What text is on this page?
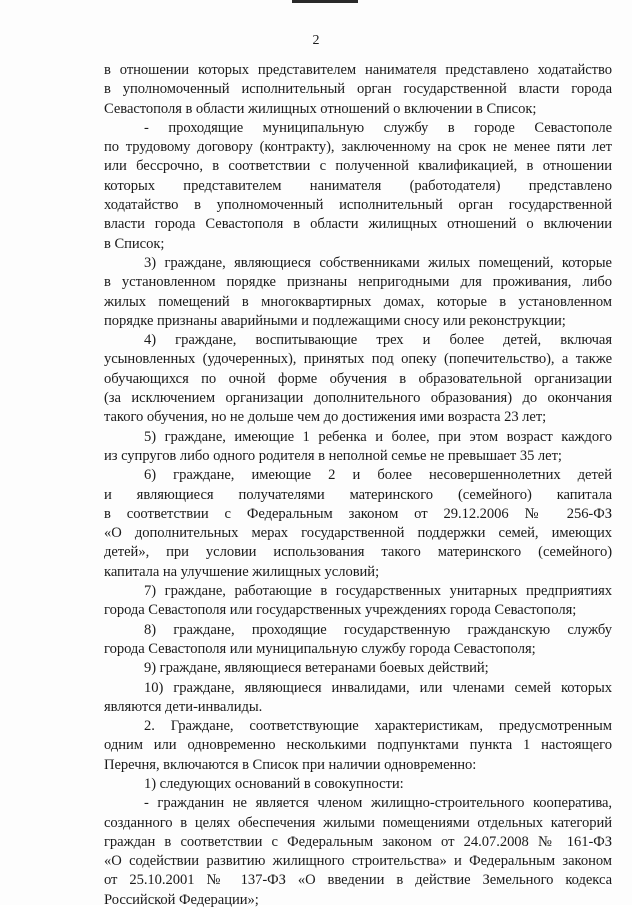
2
в отношении которых представителем нанимателя представлено ходатайство
в уполномоченный исполнительный орган государственной власти города
Севастополя в области жилищных отношений о включении в Список;
- проходящие муниципальную службу в городе Севастополе
по трудовому договору (контракту), заключенному на срок не менее пяти лет
или бессрочно, в соответствии с полученной квалификацией, в отношении
которых представителем нанимателя (работодателя) представлено
ходатайство в уполномоченный исполнительный орган государственной
власти города Севастополя в области жилищных отношений о включении
в Список;
3) граждане, являющиеся собственниками жилых помещений, которые
в установленном порядке признаны непригодными для проживания, либо
жилых помещений в многоквартирных домах, которые в установленном
порядке признаны аварийными и подлежащими сносу или реконструкции;
4) граждане, воспитывающие трех и более детей, включая
усыновленных (удочеренных), принятых под опеку (попечительство), а также
обучающихся по очной форме обучения в образовательной организации
(за исключением организации дополнительного образования) до окончания
такого обучения, но не дольше чем до достижения ими возраста 23 лет;
5) граждане, имеющие 1 ребенка и более, при этом возраст каждого
из супругов либо одного родителя в неполной семье не превышает 35 лет;
6) граждане, имеющие 2 и более несовершеннолетних детей
и являющиеся получателями материнского (семейного) капитала
в соответствии с Федеральным законом от 29.12.2006 № 256-ФЗ
«О дополнительных мерах государственной поддержки семей, имеющих
детей», при условии использования такого материнского (семейного)
капитала на улучшение жилищных условий;
7) граждане, работающие в государственных унитарных предприятиях
города Севастополя или государственных учреждениях города Севастополя;
8) граждане, проходящие государственную гражданскую службу
города Севастополя или муниципальную службу города Севастополя;
9) граждане, являющиеся ветеранами боевых действий;
10) граждане, являющиеся инвалидами, или членами семей которых
являются дети-инвалиды.
2. Граждане, соответствующие характеристикам, предусмотренным
одним или одновременно несколькими подпунктами пункта 1 настоящего
Перечня, включаются в Список при наличии одновременно:
1) следующих оснований в совокупности:
- гражданин не является членом жилищно-строительного кооператива,
созданного в целях обеспечения жилыми помещениями отдельных категорий
граждан в соответствии с Федеральным законом от 24.07.2008 № 161-ФЗ
«О содействии развитию жилищного строительства» и Федеральным законом
от 25.10.2001 № 137-ФЗ «О введении в действие Земельного кодекса
Российской Федерации»;
